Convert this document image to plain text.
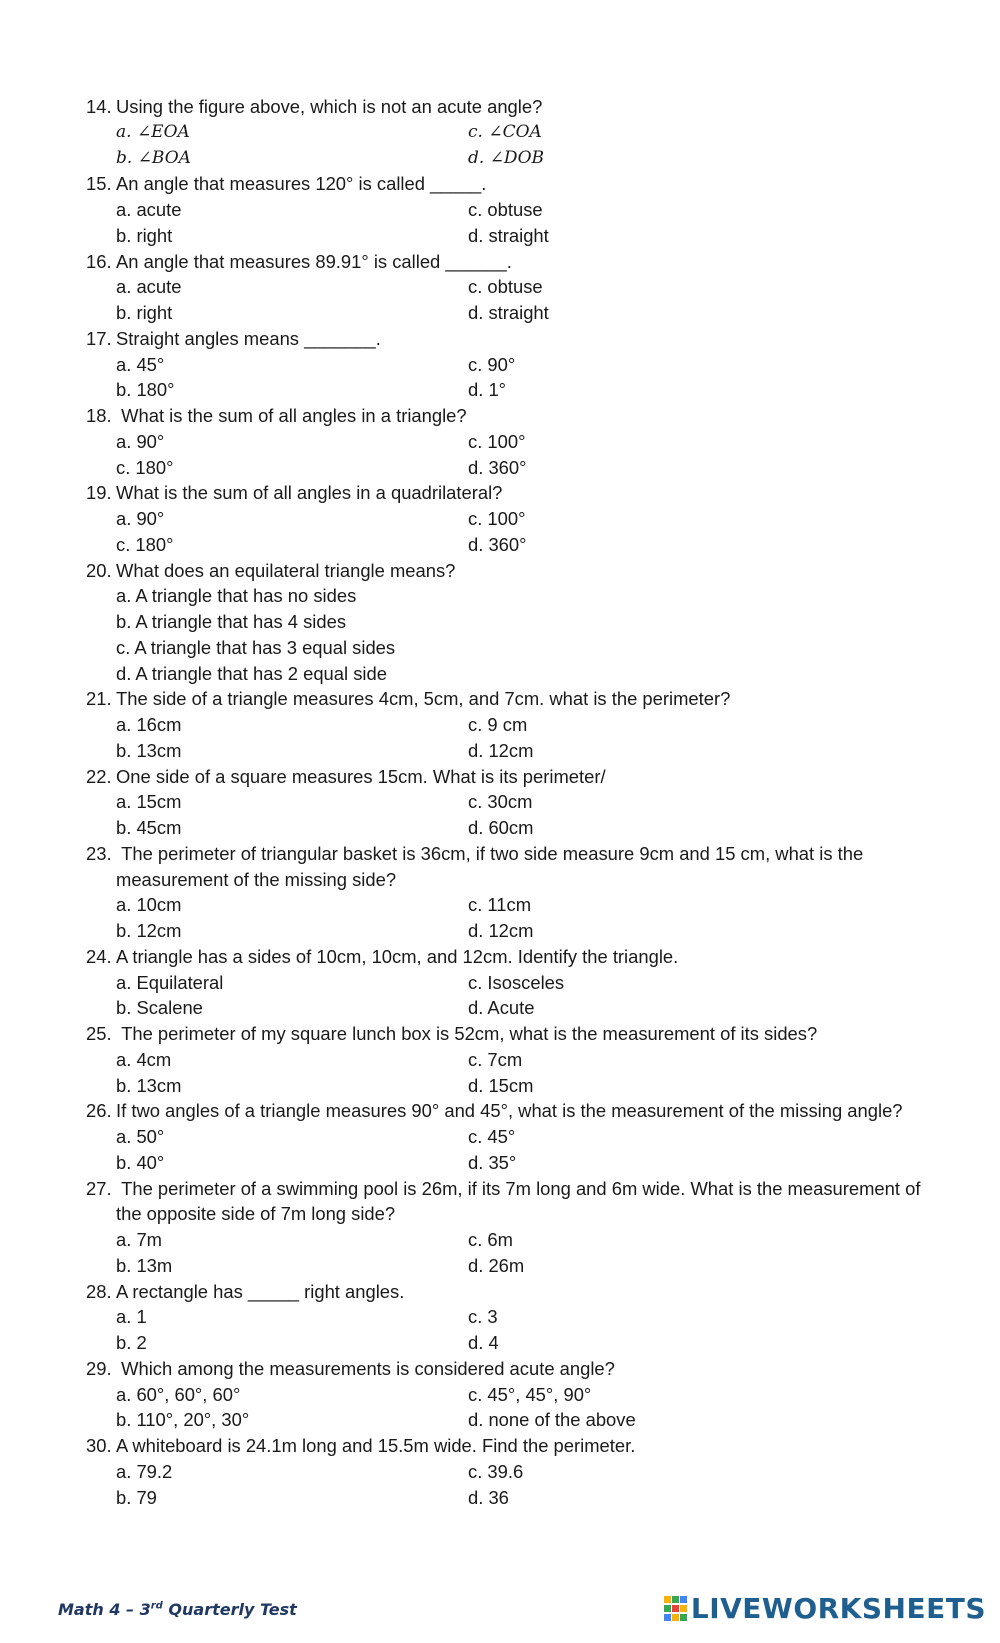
14. Using the figure above, which is not an acute angle?
a. ∠EOA	c. ∠COA
b. ∠BOA	d. ∠DOB
15. An angle that measures 120° is called _____.
a. acute	c. obtuse
b. right	d. straight
16. An angle that measures 89.91° is called ______.
a. acute	c. obtuse
b. right	d. straight
17. Straight angles means _______.
a. 45°	c. 90°
b. 180°	d. 1°
18. What is the sum of all angles in a triangle?
a. 90°	c. 100°
c. 180°	d. 360°
19. What is the sum of all angles in a quadrilateral?
a. 90°	c. 100°
c. 180°	d. 360°
20. What does an equilateral triangle means?
a. A triangle that has no sides
b. A triangle that has 4 sides
c. A triangle that has 3 equal sides
d. A triangle that has 2 equal side
21. The side of a triangle measures 4cm, 5cm, and 7cm. what is the perimeter?
a. 16cm	c. 9 cm
b. 13cm	d. 12cm
22. One side of a square measures 15cm. What is its perimeter/
a. 15cm	c. 30cm
b. 45cm	d. 60cm
23. The perimeter of triangular basket is 36cm, if two side measure 9cm and 15 cm, what is the measurement of the missing side?
a. 10cm	c. 11cm
b. 12cm	d. 12cm
24. A triangle has a sides of 10cm, 10cm, and 12cm. Identify the triangle.
a. Equilateral	c. Isosceles
b. Scalene	d. Acute
25. The perimeter of my square lunch box is 52cm, what is the measurement of its sides?
a. 4cm	c. 7cm
b. 13cm	d. 15cm
26. If two angles of a triangle measures 90° and 45°, what is the measurement of the missing angle?
a. 50°	c. 45°
b. 40°	d. 35°
27. The perimeter of a swimming pool is 26m, if its 7m long and 6m wide. What is the measurement of the opposite side of 7m long side?
a. 7m	c. 6m
b. 13m	d. 26m
28. A rectangle has _____ right angles.
a. 1	c. 3
b. 2	d. 4
29. Which among the measurements is considered acute angle?
a. 60°, 60°, 60°	c. 45°, 45°, 90°
b. 110°, 20°, 30°	d. none of the above
30. A whiteboard is 24.1m long and 15.5m wide. Find the perimeter.
a. 79.2	c. 39.6
b. 79	d. 36
Math 4 – 3rd Quarterly Test	LIVEWORKSHEETS
